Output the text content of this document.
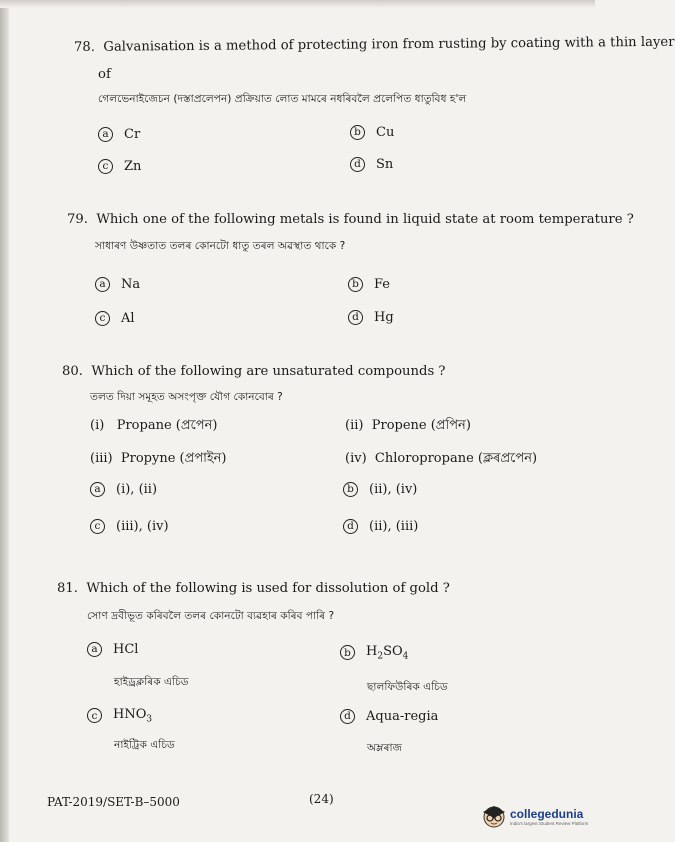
78. Galvanisation is a method of protecting iron from rusting by coating with a thin layer
of
গেলভেনাইজেচন (দস্তাপ্রলেপন) প্রক্রিয়াত লোত মামৰে নধৰিবলৈ প্রলেপিত ধাতুবিধ হ'ল
a	Cr	b	Cu
c	Zn	d	Sn
79. Which one of the following metals is found in liquid state at room temperature ?
সাধাৰণ উষ্ণতাত তলৰ কোনটো ধাতু তৰল অৱস্থাত থাকে ?
a	Na	b	Fe
c	Al	d	Hg
80. Which of the following are unsaturated compounds ?
তলত দিয়া সমূহত অসংপৃক্ত যৌগ কোনবোৰ ?
(i) Propane (প্ৰপেন)	(ii) Propene (প্ৰপিন)
(iii) Propyne (প্ৰপাইন)	(iv) Chloropropane (ক্লৰপ্ৰপেন)
a	(i), (ii)	b	(ii), (iv)
c	(iii), (iv)	d	(ii), (iii)
81. Which of the following is used for dissolution of gold ?
সোণ দ্ৰবীভূত কৰিবলৈ তলৰ কোনটো ব্যৱহাৰ কৰিব পাৰি ?
a	HCl
হাইড্ৰক্লৰিক এচিড
b	$H_2SO_4$
ছালফিউৰিক এচিড
c	$HNO_3$
নাইট্ৰিক এচিড
d	Aqua-regia
অম্লৰাজ
PAT-2019/SET-B–5000	(24)
collegedunia
India's largest Student Review Platform
